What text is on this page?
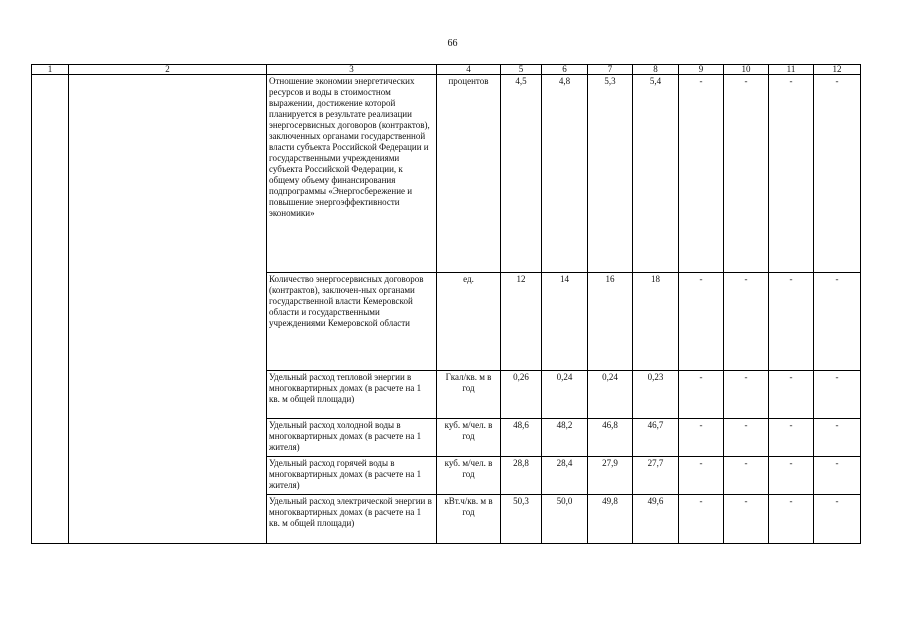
66
1	2	3	4	5	6	7	8	9	10	11	12
		Отношение экономии энергетических ресурсов и воды в стоимостном выражении, достижение которой планируется в результате реализации энергосервисных договоров (контрактов), заключенных органами государственной власти субъекта Российской Федерации и государственными учреждениями субъекта Российской Федерации, к общему объему финансирования подпрограммы «Энергосбережение и повышение энергоэффективности экономики»	процентов	4,5	4,8	5,3	5,4	-	-	-	-
		Количество энергосервисных договоров (контрактов), заключен-ных органами государственной власти Кемеровской области и государственными учреждениями Кемеровской области	ед.	12	14	16	18	-	-	-	-
		Удельный расход тепловой энергии в многоквартирных домах (в расчете на 1 кв. м общей площади)	Гкал/кв. м в год	0,26	0,24	0,24	0,23	-	-	-	-
		Удельный расход холодной воды в многоквартирных домах (в расчете на 1 жителя)	куб. м/чел. в год	48,6	48,2	46,8	46,7	-	-	-	-
		Удельный расход горячей воды в многоквартирных домах (в расчете на 1 жителя)	куб. м/чел. в год	28,8	28,4	27,9	27,7	-	-	-	-
		Удельный расход электрической энергии в многоквартирных домах (в расчете на 1 кв. м общей площади)	кВт.ч/кв. м в год	50,3	50,0	49,8	49,6	-	-	-	-
